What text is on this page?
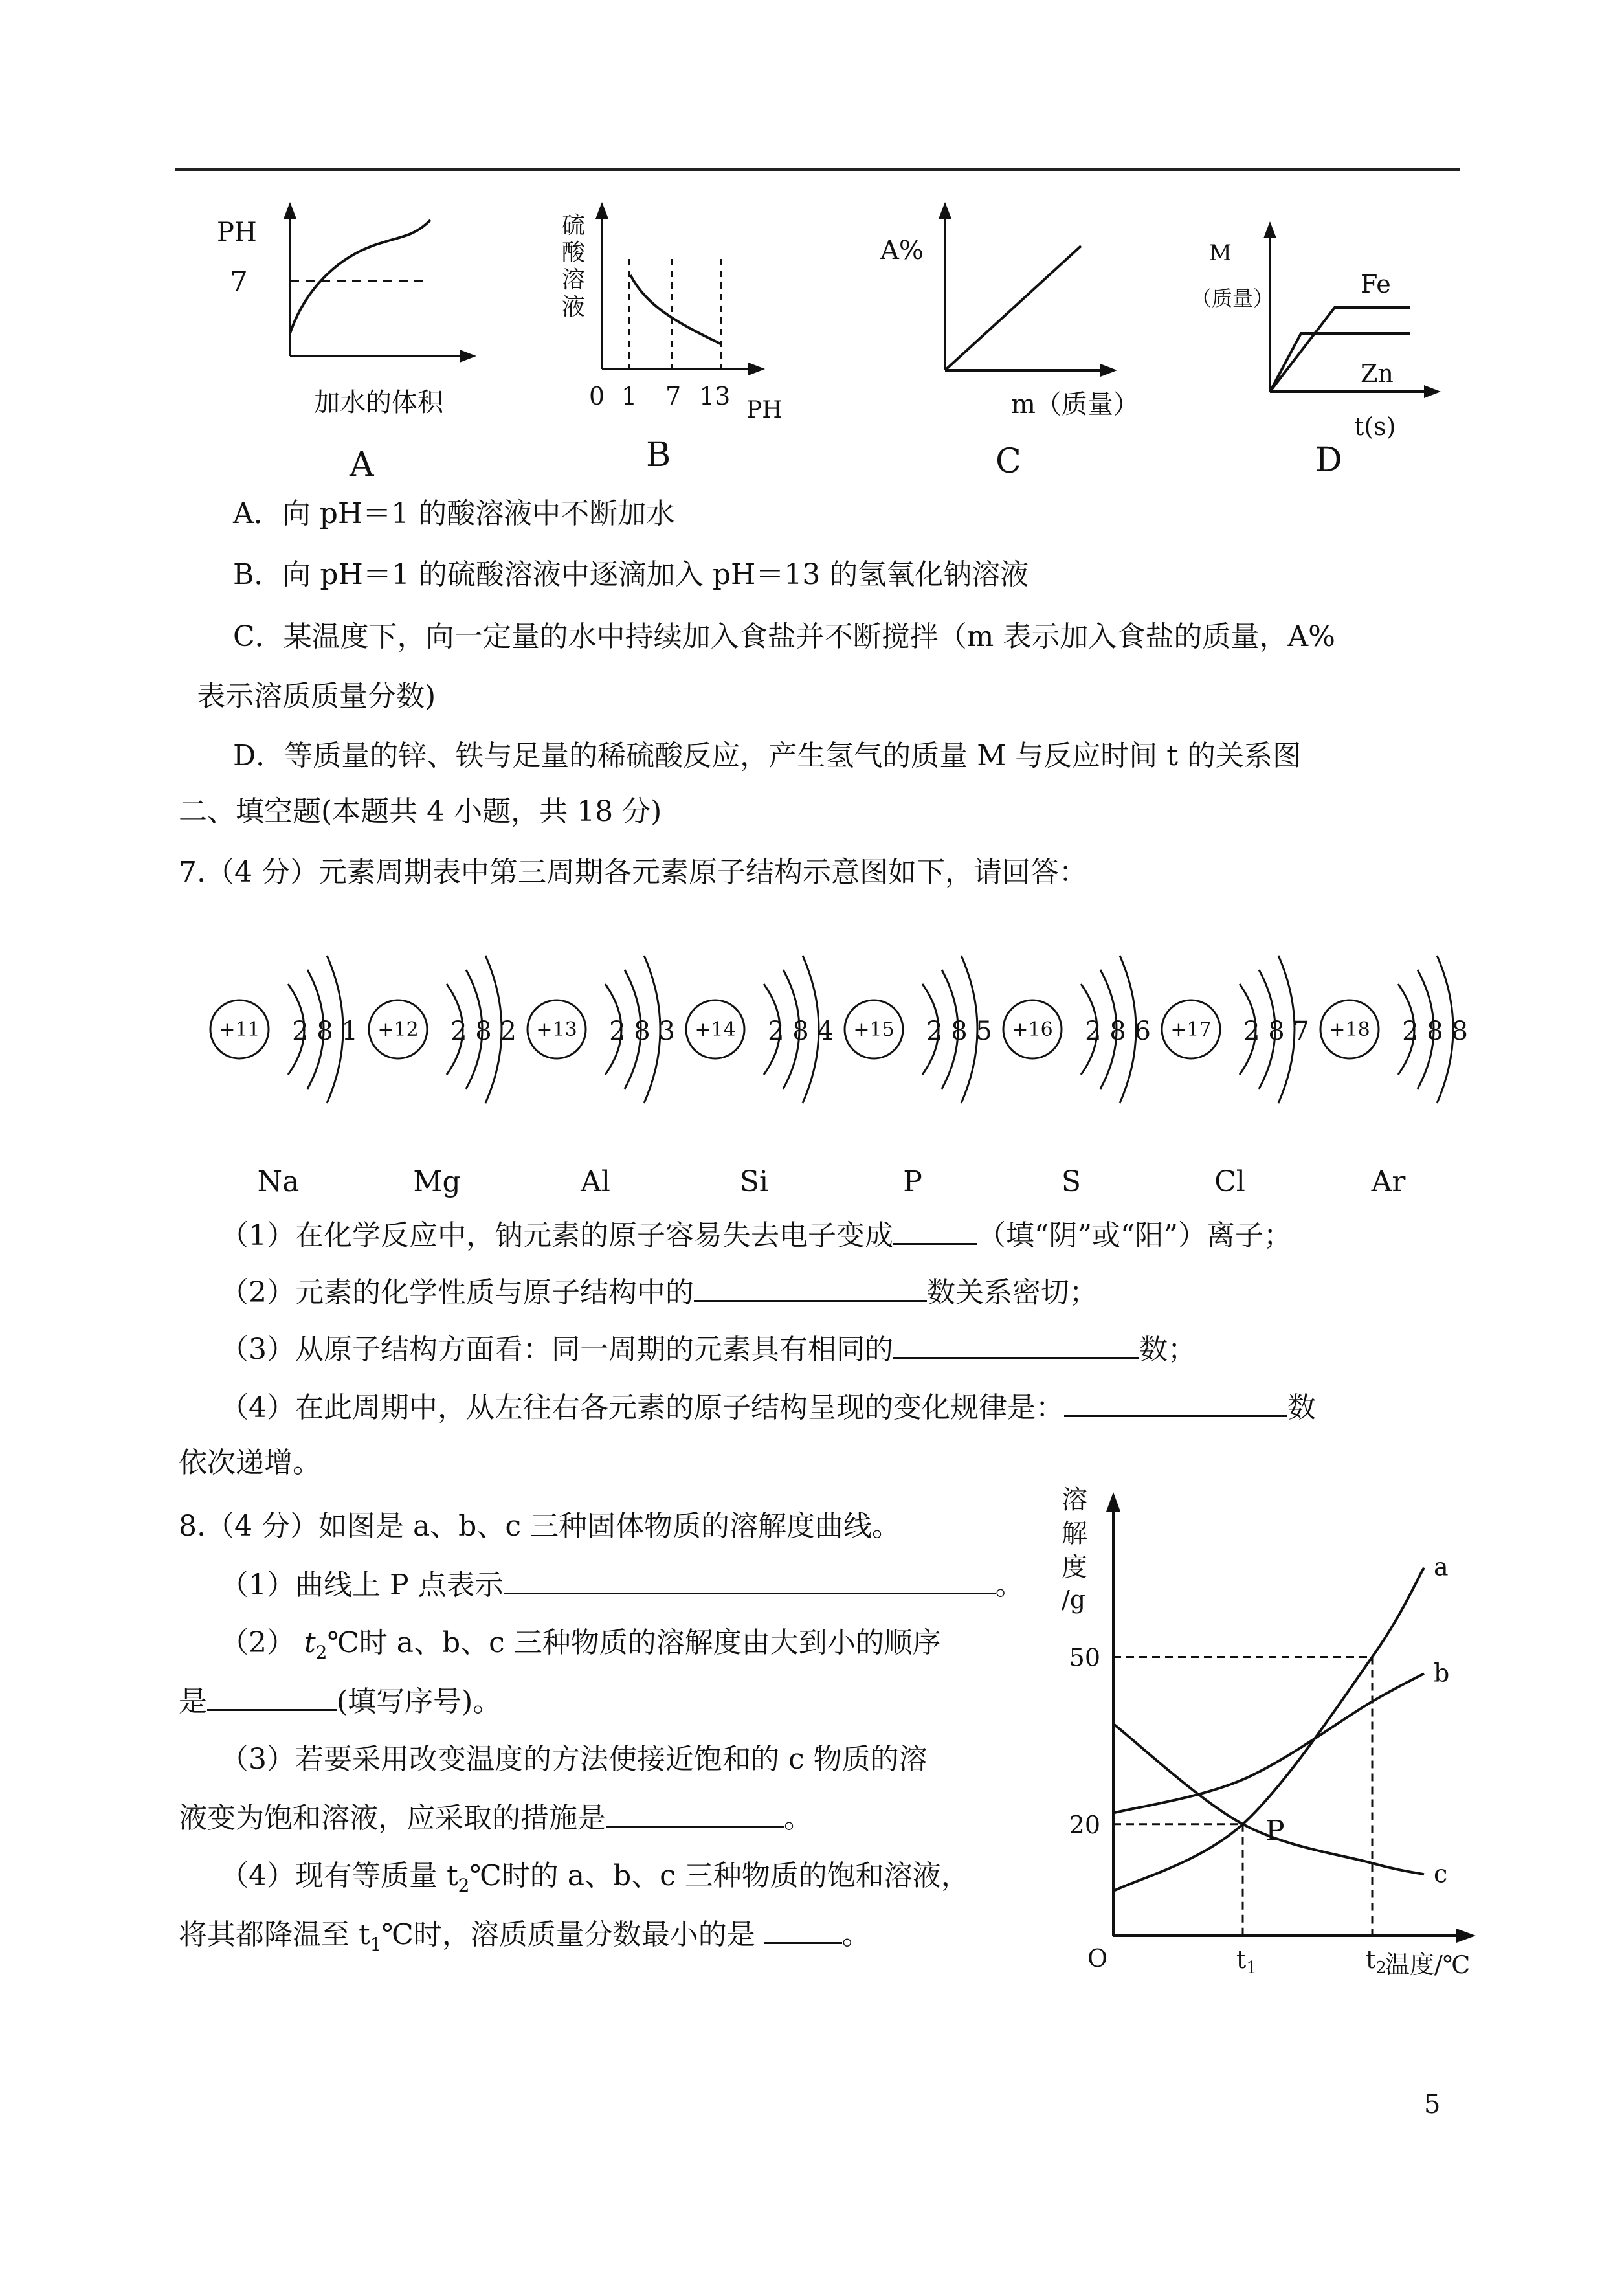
PH
7
加水的体积
A
硫酸溶液
0 1 7 13 PH
B
A%
m（质量）
C
M
（质量）	Fe
Zn
t(s)
D
A．向 pH＝1 的酸溶液中不断加水
B．向 pH＝1 的硫酸溶液中逐滴加入 pH＝13 的氢氧化钠溶液
C．某温度下，向一定量的水中持续加入食盐并不断搅拌（m 表示加入食盐的质量，A%
表示溶质质量分数)
D．等质量的锌、铁与足量的稀硫酸反应，产生氢气的质量 M 与反应时间 t 的关系图
二、填空题(本题共 4 小题，共 18 分)
7.（4 分）元素周期表中第三周期各元素原子结构示意图如下，请回答：
+11 2 8 1
Na
+12 2 8 2
Mg
+13 2 8 3
Al
+14 2 8 4
Si
+15 2 8 5
P
+16 2 8 6
S
+17 2 8 7
Cl
+18 2 8 8
Ar
（1）在化学反应中，钠元素的原子容易失去电子变成	（填“阴”或“阳”）离子；
（2）元素的化学性质与原子结构中的	数关系密切；
（3）从原子结构方面看：同一周期的元素具有相同的	数；
（4）在此周期中，从左往右各元素的原子结构呈现的变化规律是：	数
依次递增。
8.（4 分）如图是 a、b、c 三种固体物质的溶解度曲线。
（1）曲线上 P 点表示	。
（2） $t_2℃$时 a、b、c 三种物质的溶解度由大到小的顺序
是	(填写序号)。
（3）若要采用改变温度的方法使接近饱和的 c 物质的溶
液变为饱和溶液，应采取的措施是	。
（4）现有等质量 $t_2℃$时的 a、b、c 三种物质的饱和溶液，
将其都降温至 $t_1℃$时，溶质质量分数最小的是	。
a
b
c
20
50
$t_1$	$t_2$
O
P
溶
解
度
/g
温度/℃
5
